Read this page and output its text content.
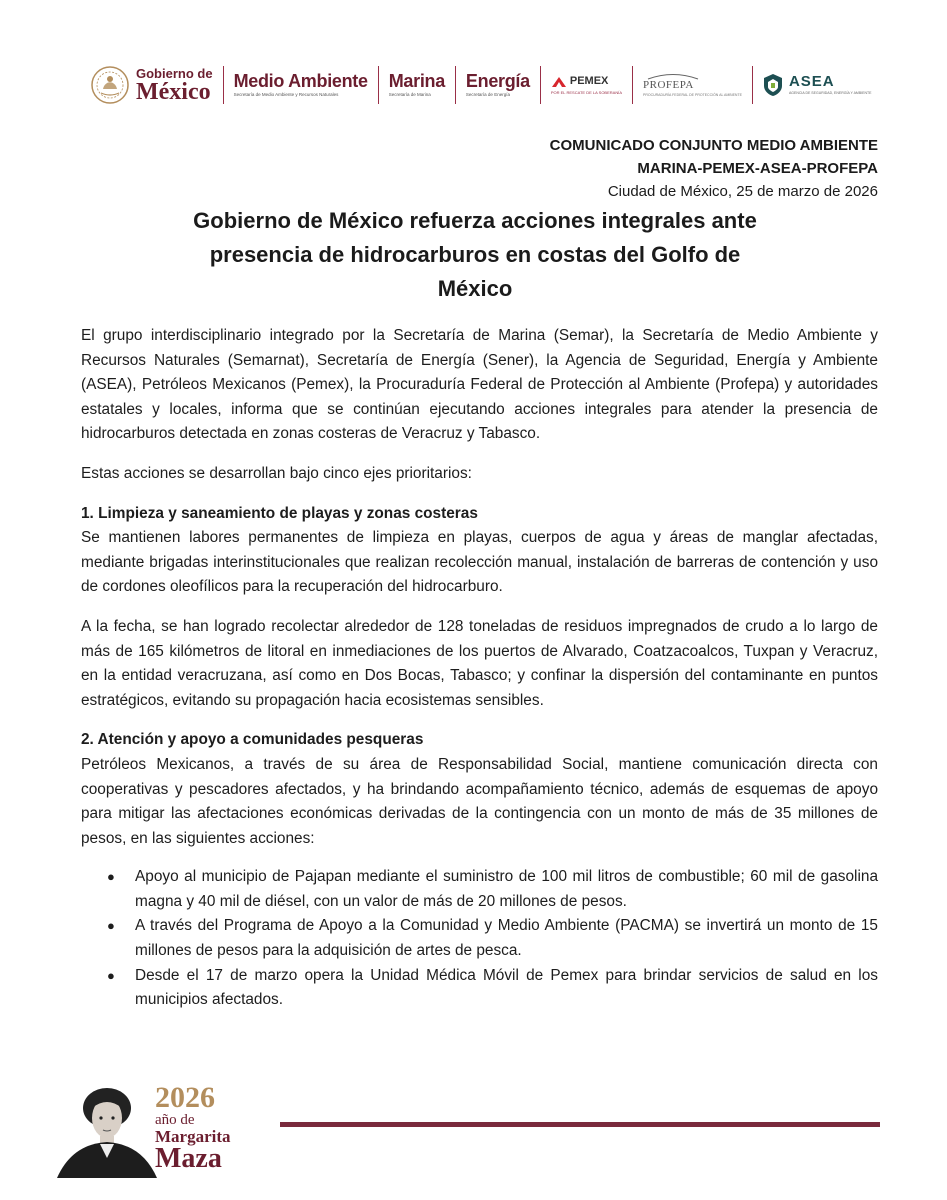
Gobierno de
México Medio Ambiente
Secretaría de Medio Ambiente y Recursos Naturales
Marina
Secretaría de Marina
Energía
Secretaría de Energía
PEMEX
POR EL RESCATE DE LA SOBERANÍA
PROFEPA
PROCURADURÍA FEDERAL DE PROTECCIÓN AL AMBIENTE
ASEA
AGENCIA DE SEGURIDAD, ENERGÍA Y AMBIENTE
COMUNICADO CONJUNTO MEDIO AMBIENTE
MARINA-PEMEX-ASEA-PROFEPA
Ciudad de México, 25 de marzo de 2026
Gobierno de México refuerza acciones integrales ante
presencia de hidrocarburos en costas del Golfo de
México

El grupo interdisciplinario integrado por la Secretaría de Marina (Semar), la Secretaría de Medio Ambiente y Recursos Naturales (Semarnat), Secretaría de Energía (Sener), la Agencia de Seguridad, Energía y Ambiente (ASEA), Petróleos Mexicanos (Pemex), la Procuraduría Federal de Protección al Ambiente (Profepa) y autoridades estatales y locales, informa que se continúan ejecutando acciones integrales para atender la presencia de hidrocarburos detectada en zonas costeras de Veracruz y Tabasco.

Estas acciones se desarrollan bajo cinco ejes prioritarios:

1. Limpieza y saneamiento de playas y zonas costeras

Se mantienen labores permanentes de limpieza en playas, cuerpos de agua y áreas de manglar afectadas, mediante brigadas interinstitucionales que realizan recolección manual, instalación de barreras de contención y uso de cordones oleofílicos para la recuperación del hidrocarburo.

A la fecha, se han logrado recolectar alrededor de 128 toneladas de residuos impregnados de crudo a lo largo de más de 165 kilómetros de litoral en inmediaciones de los puertos de Alvarado, Coatzacoalcos, Tuxpan y Veracruz, en la entidad veracruzana, así como en Dos Bocas, Tabasco; y confinar la dispersión del contaminante en puntos estratégicos, evitando su propagación hacia ecosistemas sensibles.

2. Atención y apoyo a comunidades pesqueras

Petróleos Mexicanos, a través de su área de Responsabilidad Social, mantiene comunicación directa con cooperativas y pescadores afectados, y ha brindando acompañamiento técnico, además de esquemas de apoyo para mitigar las afectaciones económicas derivadas de la contingencia con un monto de más de 35 millones de pesos, en las siguientes acciones:

● Apoyo al municipio de Pajapan mediante el suministro de 100 mil litros de combustible; 60 mil de gasolina magna y 40 mil de diésel, con un valor de más de 20 millones de pesos.
● A través del Programa de Apoyo a la Comunidad y Medio Ambiente (PACMA) se invertirá un monto de 15 millones de pesos para la adquisición de artes de pesca.
● Desde el 17 de marzo opera la Unidad Médica Móvil de Pemex para brindar servicios de salud en los municipios afectados.
2026
año de
Margarita
Maza
